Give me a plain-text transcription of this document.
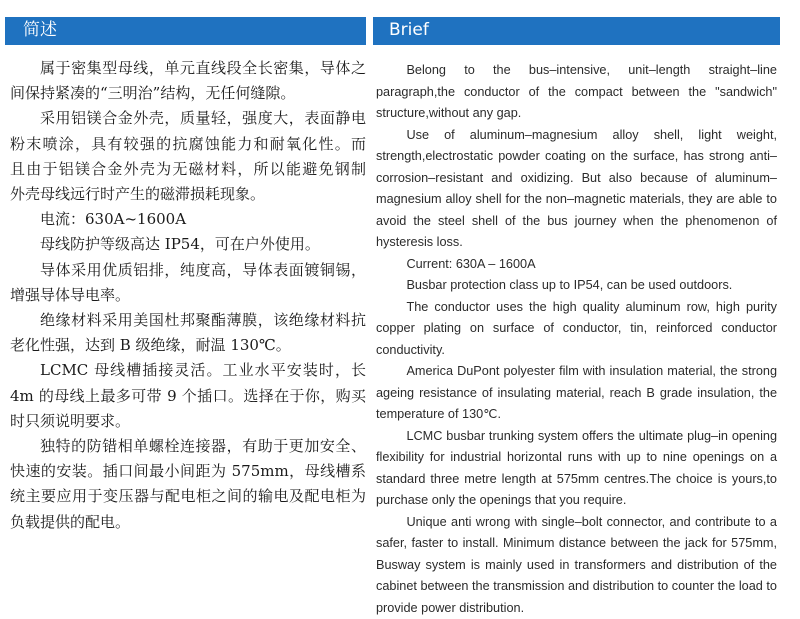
简述	Brief

属于密集型母线，单元直线段全长密集，导体之　间保持紧凑的“三明治”结构，无任何缝隙。

采用铝镁合金外壳，质量轻，强度大，表面静电粉末喷涂，具有较强的抗腐蚀能力和耐氧化性。而　且由于铝镁合金外壳为无磁材料，所以能避免钢制　外壳母线远行时产生的磁滞损耗现象。

电流：630A~1600A

母线防护等级高达 IP54，可在户外使用。

导体采用优质铝排，纯度高，导体表面镀铜锡，增强导体导电率。

绝缘材料采用美国杜邦聚酯薄膜，该绝缘材料抗老化性强，达到 B 级绝缘，耐温 130℃。

LCMC 母线槽插接灵活。工业水平安装时，长 4m 的母线上最多可带 9 个插口。选择在于你，购买时只须说明要求。

独特的防错相单螺栓连接器，有助于更加安全、快速的安装。插口间最小间距为 575mm，母线槽系　统主要应用于变压器与配电柜之间的输电及配电柜为负载提供的配电。

Belong to the bus–intensive, unit–length straight–line paragraph,the conductor of the compact between the "sandwich" structure,without any gap.

Use of aluminum–magnesium alloy shell, light weight, strength,electrostatic powder coating on the surface, has strong anti–corrosion–resistant and oxidizing. But also because of aluminum–magnesium alloy shell for the non–magnetic materials, they are able to avoid the steel shell of the bus journey when the phenomenon of hysteresis loss.

Current: 630A – 1600A

Busbar protection class up to IP54, can be used outdoors.

The conductor uses the high quality aluminum row, high purity copper plating on surface of conductor, tin, reinforced conductor conductivity.

America DuPont polyester film with insulation material, the strong ageing resistance of insulating material, reach B grade insulation, the temperature of 130℃.

LCMC busbar trunking system offers the ultimate plug–in opening flexibility for industrial horizontal runs with up to nine openings on a standard three metre length at 575mm centres.The choice is yours,to purchase only the openings that you require.

Unique anti wrong with single–bolt connector, and contribute to a safer, faster to install. Minimum distance between the jack for 575mm, Busway system is mainly used in transformers and distribution of the cabinet between the transmission and distribution to counter the load to provide power distribution.
